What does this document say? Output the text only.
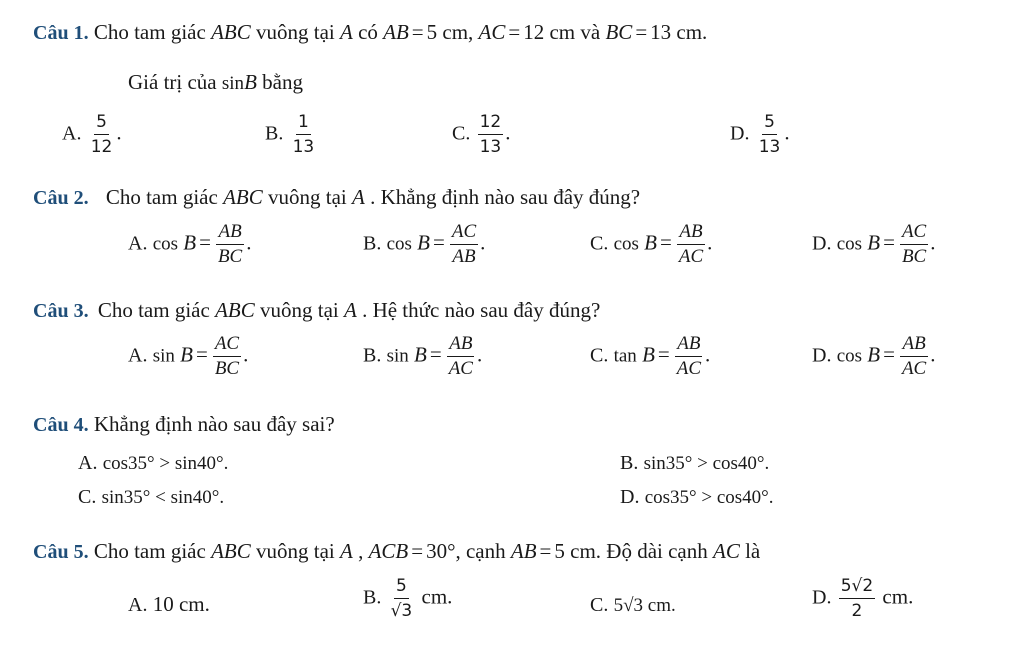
Câu 1. Cho tam giác ABC vuông tại A có AB = 5 cm, AC = 12 cm và BC = 13 cm.
Giá trị của sinB bằng
A. $\frac{5}{12}$ .	B. $\frac{1}{13}$	C. $\frac{12}{13}$ .	D. $\frac{5}{13}$ .
Câu 2. Cho tam giác ABC vuông tại A . Khẳng định nào sau đây đúng?
A. $\cos B = \frac{AB}{BC}$ .	B. $\cos B = \frac{AC}{AB}$ .	C. $\cos B = \frac{AB}{AC}$ .	D. $\cos B = \frac{AC}{BC}$ .
Câu 3. Cho tam giác ABC vuông tại A . Hệ thức nào sau đây đúng?
A. $\sin B = \frac{AC}{BC}$ .	B. $\sin B = \frac{AB}{AC}$ .	C. $\tan B = \frac{AB}{AC}$ .	D. $\cos B = \frac{AB}{AC}$ .
Câu 4. Khẳng định nào sau đây sai?
A. cos35° > sin40°.	B. sin35° > cos40°.
C. sin35° < sin40°.	D. cos35° > cos40°.
Câu 5. Cho tam giác ABC vuông tại A , ACB = 30°, cạnh AB = 5 cm. Độ dài cạnh AC là
A. 10 cm.	B. $\frac{5}{√3}$ cm.	C. 5√3 cm.	D. $\frac{5√2}{2}$ cm.
